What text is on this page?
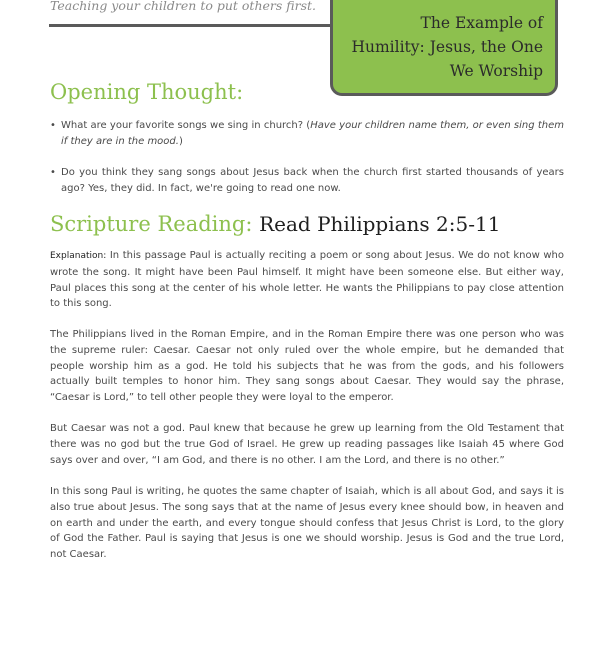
Teaching your children to put others first.
The Example of Humility: Jesus, the One We Worship
Opening Thought:
• What are your favorite songs we sing in church? (Have your children name them, or even sing them if they are in the mood.)
• Do you think they sang songs about Jesus back when the church first started thousands of years ago? Yes, they did. In fact, we're going to read one now.
Scripture Reading: Read Philippians 2:5-11

Explanation: In this passage Paul is actually reciting a poem or song about Jesus. We do not know who wrote the song. It might have been Paul himself. It might have been someone else. But either way, Paul places this song at the center of his whole letter. He wants the Philippians to pay close attention to this song.

The Philippians lived in the Roman Empire, and in the Roman Empire there was one person who was the supreme ruler: Caesar. Caesar not only ruled over the whole empire, but he demanded that people worship him as a god. He told his subjects that he was from the gods, and his followers actually built temples to honor him. They sang songs about Caesar. They would say the phrase, “Caesar is Lord,” to tell other people they were loyal to the emperor.

But Caesar was not a god. Paul knew that because he grew up learning from the Old Testament that there was no god but the true God of Israel. He grew up reading passages like Isaiah 45 where God says over and over, “I am God, and there is no other. I am the Lord, and there is no other.”

In this song Paul is writing, he quotes the same chapter of Isaiah, which is all about God, and says it is also true about Jesus. The song says that at the name of Jesus every knee should bow, in heaven and on earth and under the earth, and every tongue should confess that Jesus Christ is Lord, to the glory of God the Father. Paul is saying that Jesus is one we should worship. Jesus is God and the true Lord, not Caesar.
